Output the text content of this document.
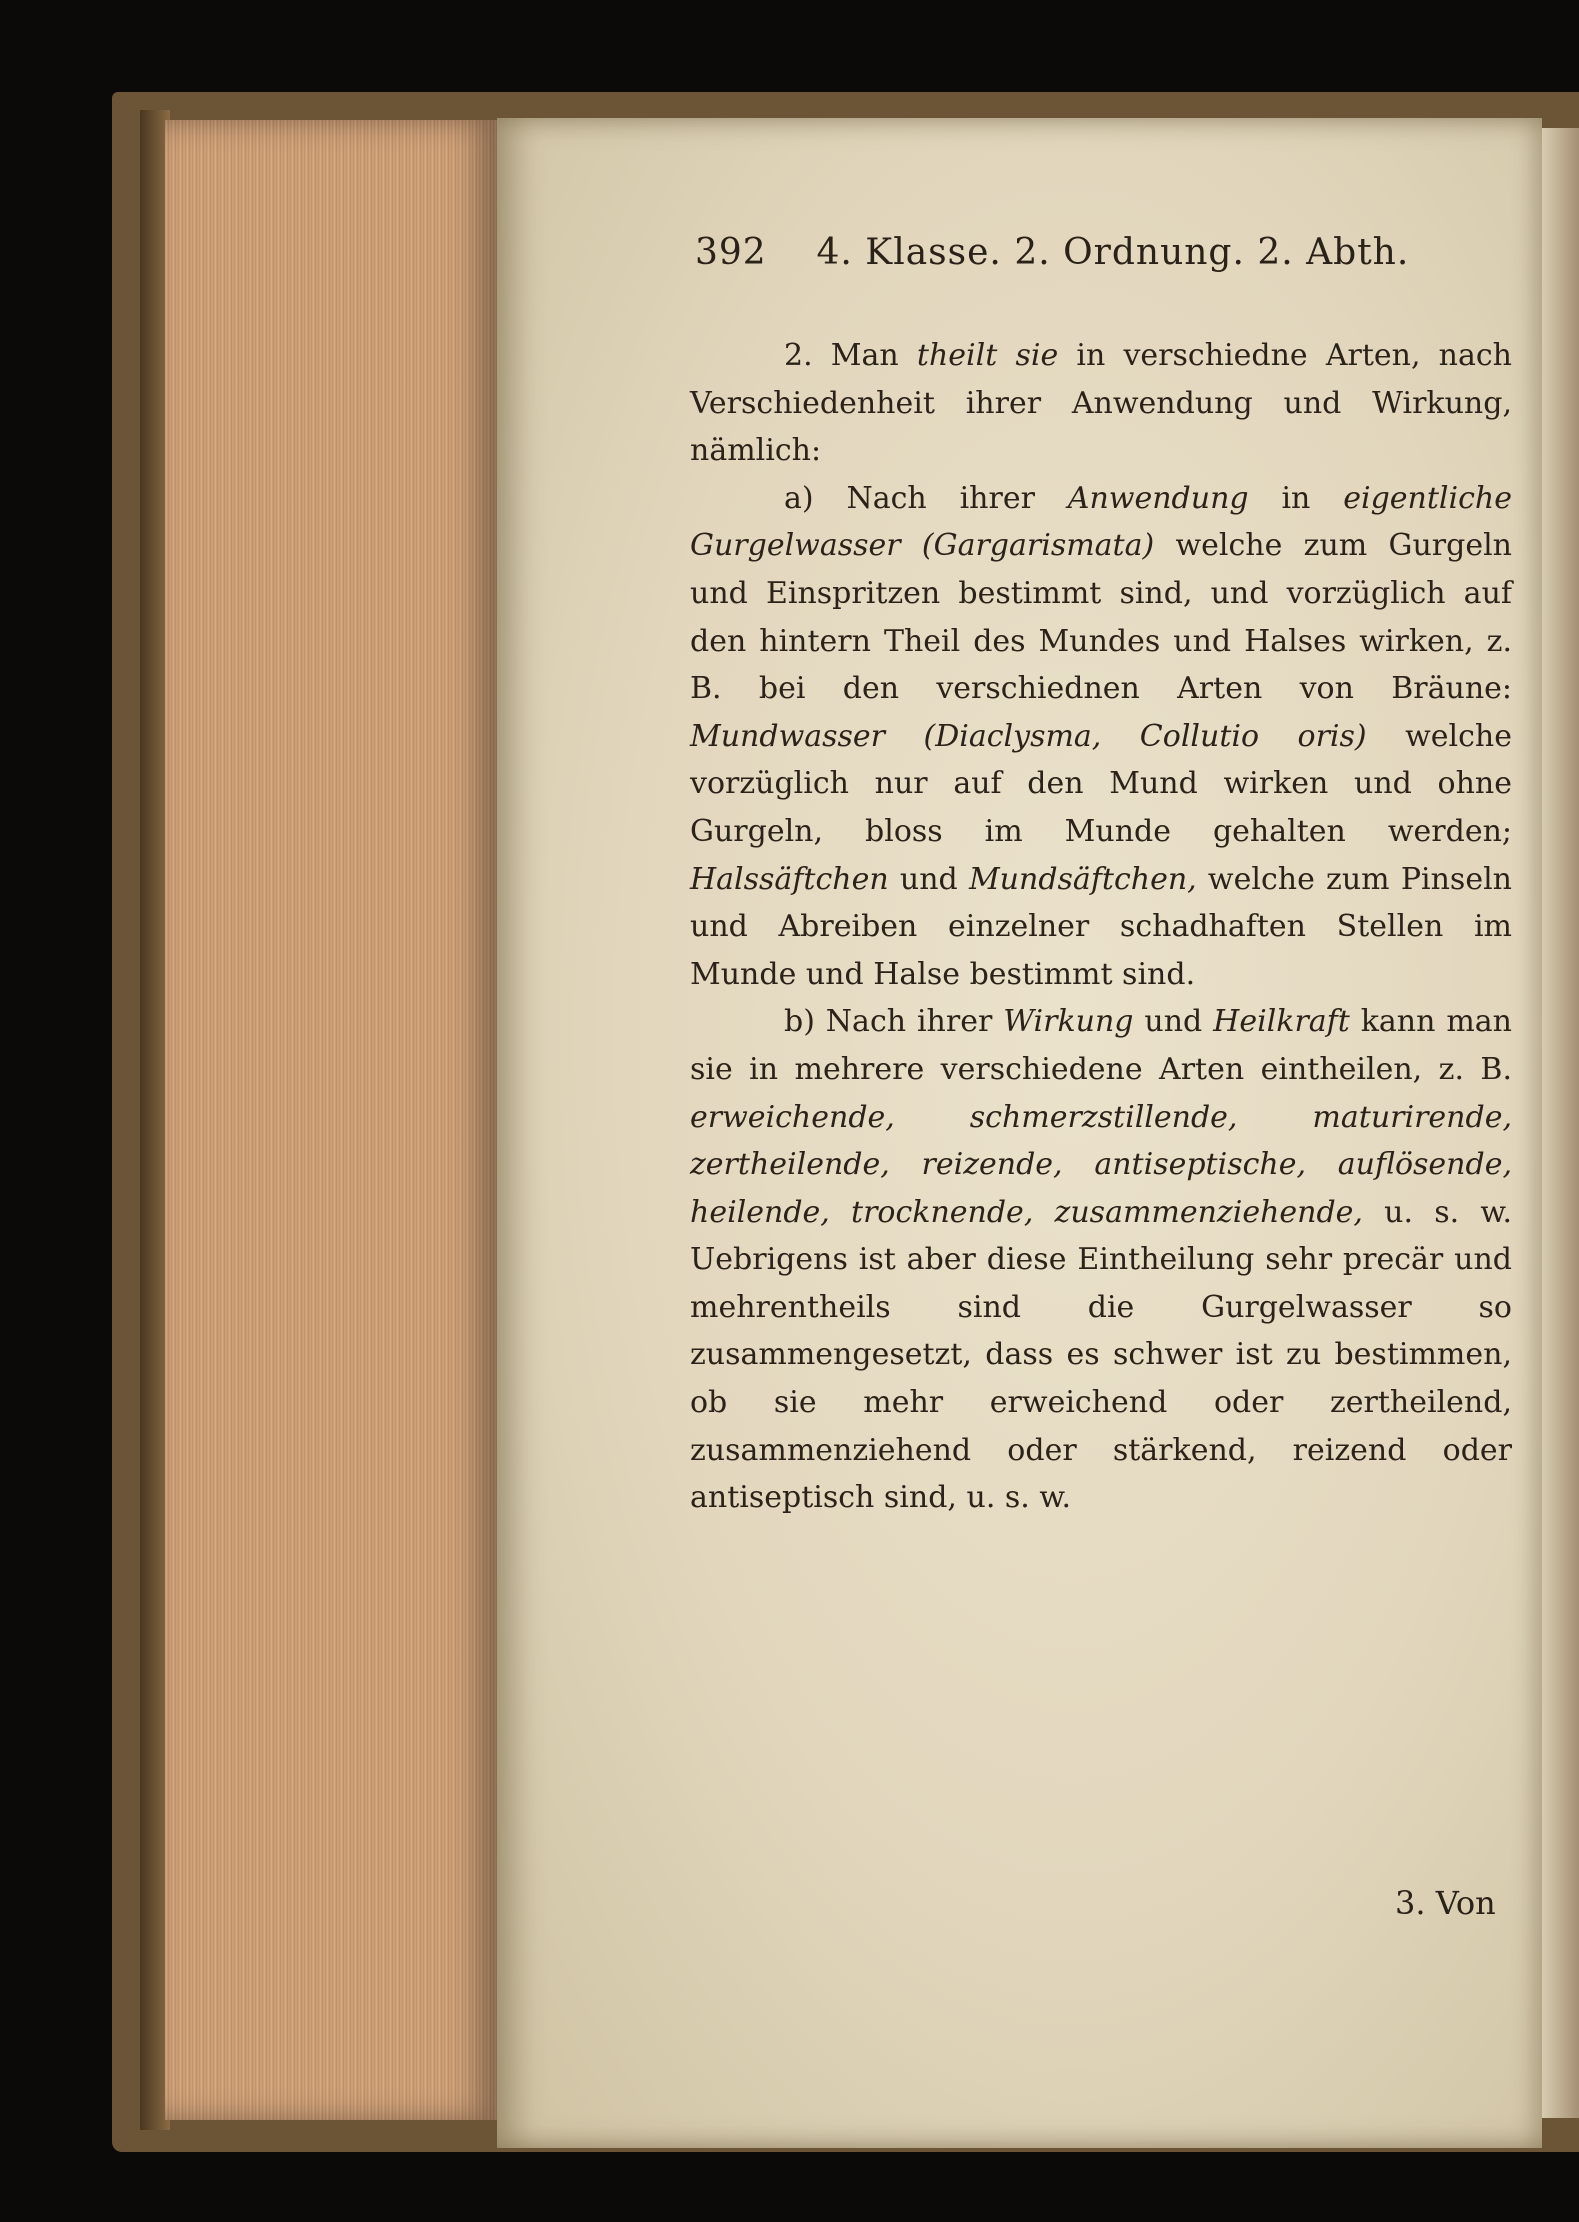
392 4. Klasse. 2. Ordnung. 2. Abth.

2. Man theilt sie in verschiedne Arten, nach Verschiedenheit ihrer Anwendung und Wirkung, nämlich:

a) Nach ihrer Anwendung in eigentliche Gurgelwasser (Gargarismata) welche zum Gurgeln und Einspritzen bestimmt sind, und vorzüglich auf den hintern Theil des Mundes und Halses wirken, z. B. bei den verschiednen Arten von Bräune: Mundwasser (Diaclysma, Collutio oris) welche vorzüglich nur auf den Mund wirken und ohne Gurgeln, bloss im Munde gehalten werden; Halssäftchen und Mundsäftchen, welche zum Pinseln und Abreiben einzelner schadhaften Stellen im Munde und Halse bestimmt sind.

b) Nach ihrer Wirkung und Heilkraft kann man sie in mehrere verschiedene Arten eintheilen, z. B. erweichende, schmerzstillende, maturirende, zertheilende, reizende, antiseptische, auflösende, heilende, trocknende, zusammenziehende, u. s. w. Uebrigens ist aber diese Eintheilung sehr precär und mehrentheils sind die Gurgelwasser so zusammengesetzt, dass es schwer ist zu bestimmen, ob sie mehr erweichend oder zertheilend, zusammenziehend oder stärkend, reizend oder antiseptisch sind, u. s. w.

3. Von
